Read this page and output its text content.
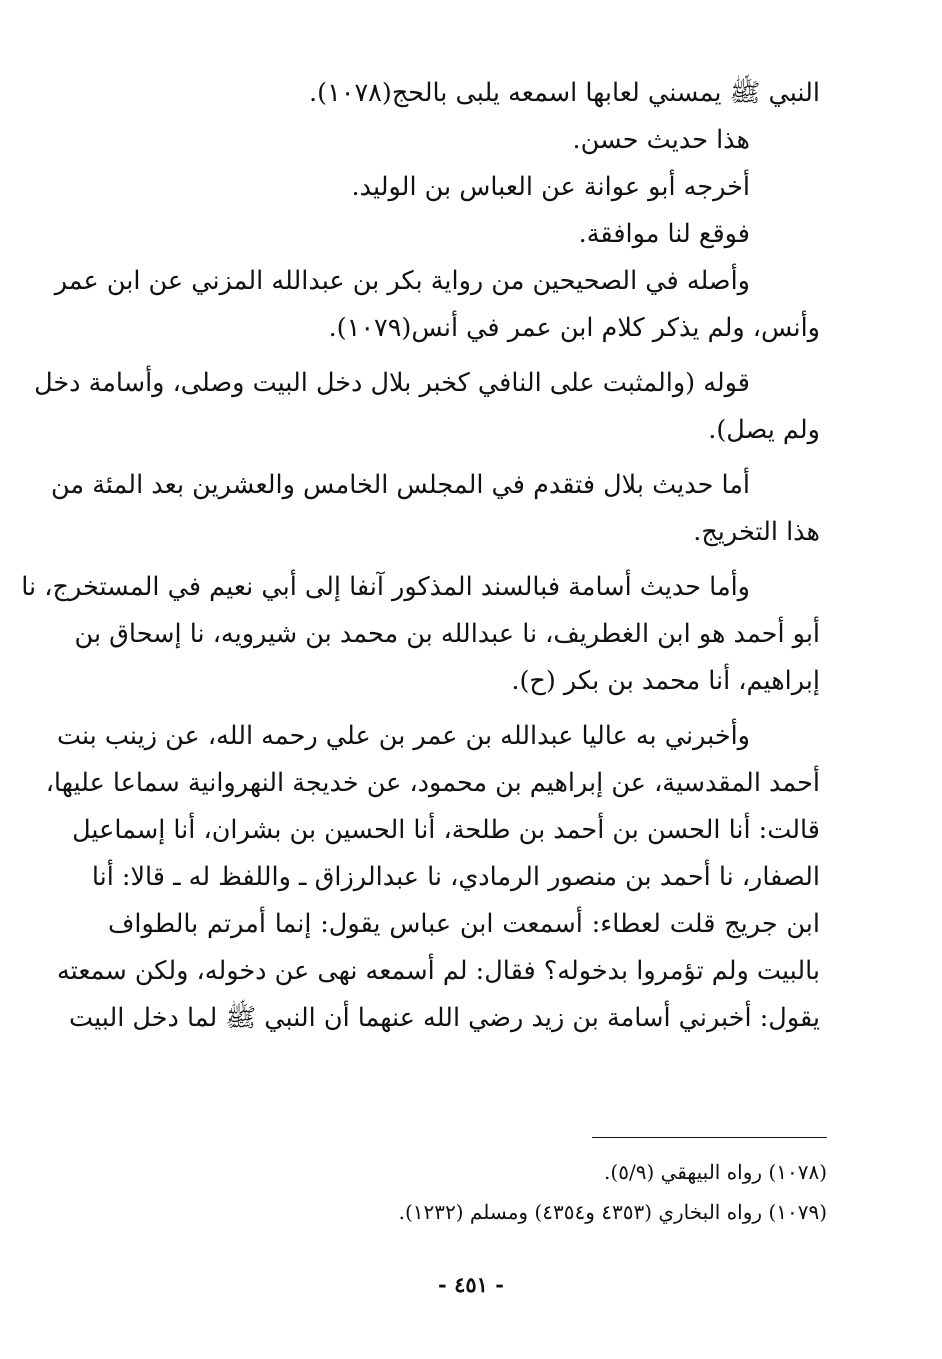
النبي ﷺ يمسني لعابها اسمعه يلبى بالحج(١٠٧٨).

هذا حديث حسن.

أخرجه أبو عوانة عن العباس بن الوليد.

فوقع لنا موافقة.

وأصله في الصحيحين من رواية بكر بن عبدالله المزني عن ابن عمر

وأنس، ولم يذكر كلام ابن عمر في أنس(١٠٧٩).

قوله (والمثبت على النافي كخبر بلال دخل البيت وصلى، وأسامة دخل

ولم يصل).

أما حديث بلال فتقدم في المجلس الخامس والعشرين بعد المئة من

هذا التخريج.

وأما حديث أسامة فبالسند المذكور آنفا إلى أبي نعيم في المستخرج، نا

أبو أحمد هو ابن الغطريف، نا عبدالله بن محمد بن شيرويه، نا إسحاق بن

إبراهيم، أنا محمد بن بكر (ح).

وأخبرني به عاليا عبدالله بن عمر بن علي رحمه الله، عن زينب بنت

أحمد المقدسية، عن إبراهيم بن محمود، عن خديجة النهروانية سماعا عليها،

قالت: أنا الحسن بن أحمد بن طلحة، أنا الحسين بن بشران، أنا إسماعيل

الصفار، نا أحمد بن منصور الرمادي، نا عبدالرزاق ـ واللفظ له ـ قالا: أنا

ابن جريج قلت لعطاء: أسمعت ابن عباس يقول: إنما أمرتم بالطواف

بالبيت ولم تؤمروا بدخوله؟ فقال: لم أسمعه نهى عن دخوله، ولكن سمعته

يقول: أخبرني أسامة بن زيد رضي الله عنهما أن النبي ﷺ لما دخل البيت

(١٠٧٨) رواه البيهقي (٥/٩).

(١٠٧٩) رواه البخاري (٤٣٥٣ و٤٣٥٤) ومسلم (١٢٣٢).

- ٤٥١ -
